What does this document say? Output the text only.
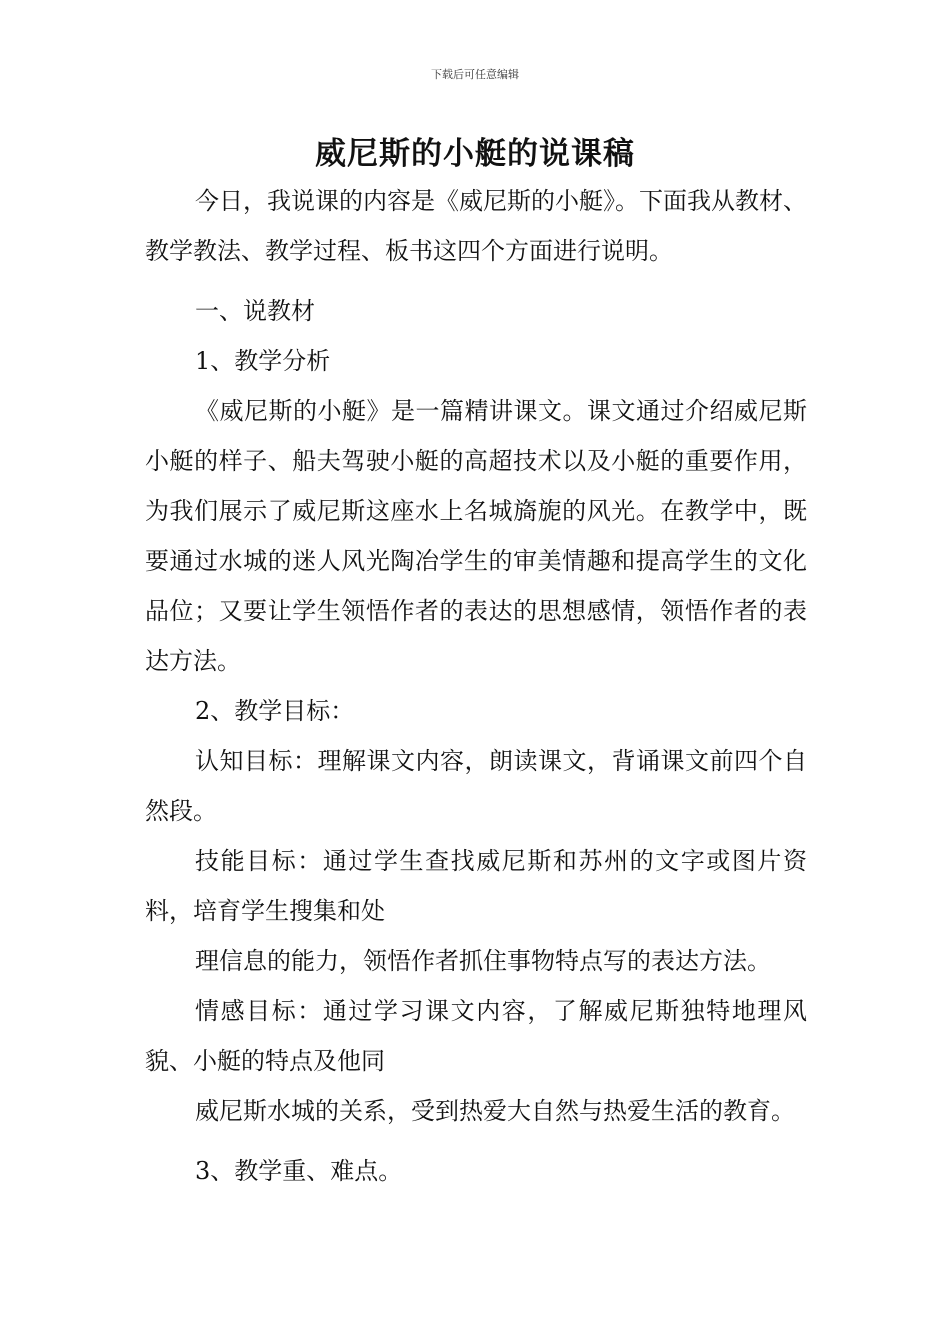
下载后可任意编辑
威尼斯的小艇的说课稿

今日，我说课的内容是《威尼斯的小艇》。下面我从教材、教学教法、教学过程、板书这四个方面进行说明。

一、说教材

1、教学分析

《威尼斯的小艇》是一篇精讲课文。课文通过介绍威尼斯小艇的样子、船夫驾驶小艇的高超技术以及小艇的重要作用，为我们展示了威尼斯这座水上名城旖旎的风光。在教学中，既要通过水城的迷人风光陶冶学生的审美情趣和提高学生的文化品位；又要让学生领悟作者的表达的思想感情，领悟作者的表达方法。

2、教学目标：

认知目标：理解课文内容，朗读课文，背诵课文前四个自然段。

技能目标：通过学生查找威尼斯和苏州的文字或图片资料，培育学生搜集和处

理信息的能力，领悟作者抓住事物特点写的表达方法。

情感目标：通过学习课文内容，了解威尼斯独特地理风貌、小艇的特点及他同

威尼斯水城的关系，受到热爱大自然与热爱生活的教育。

3、教学重、难点。
